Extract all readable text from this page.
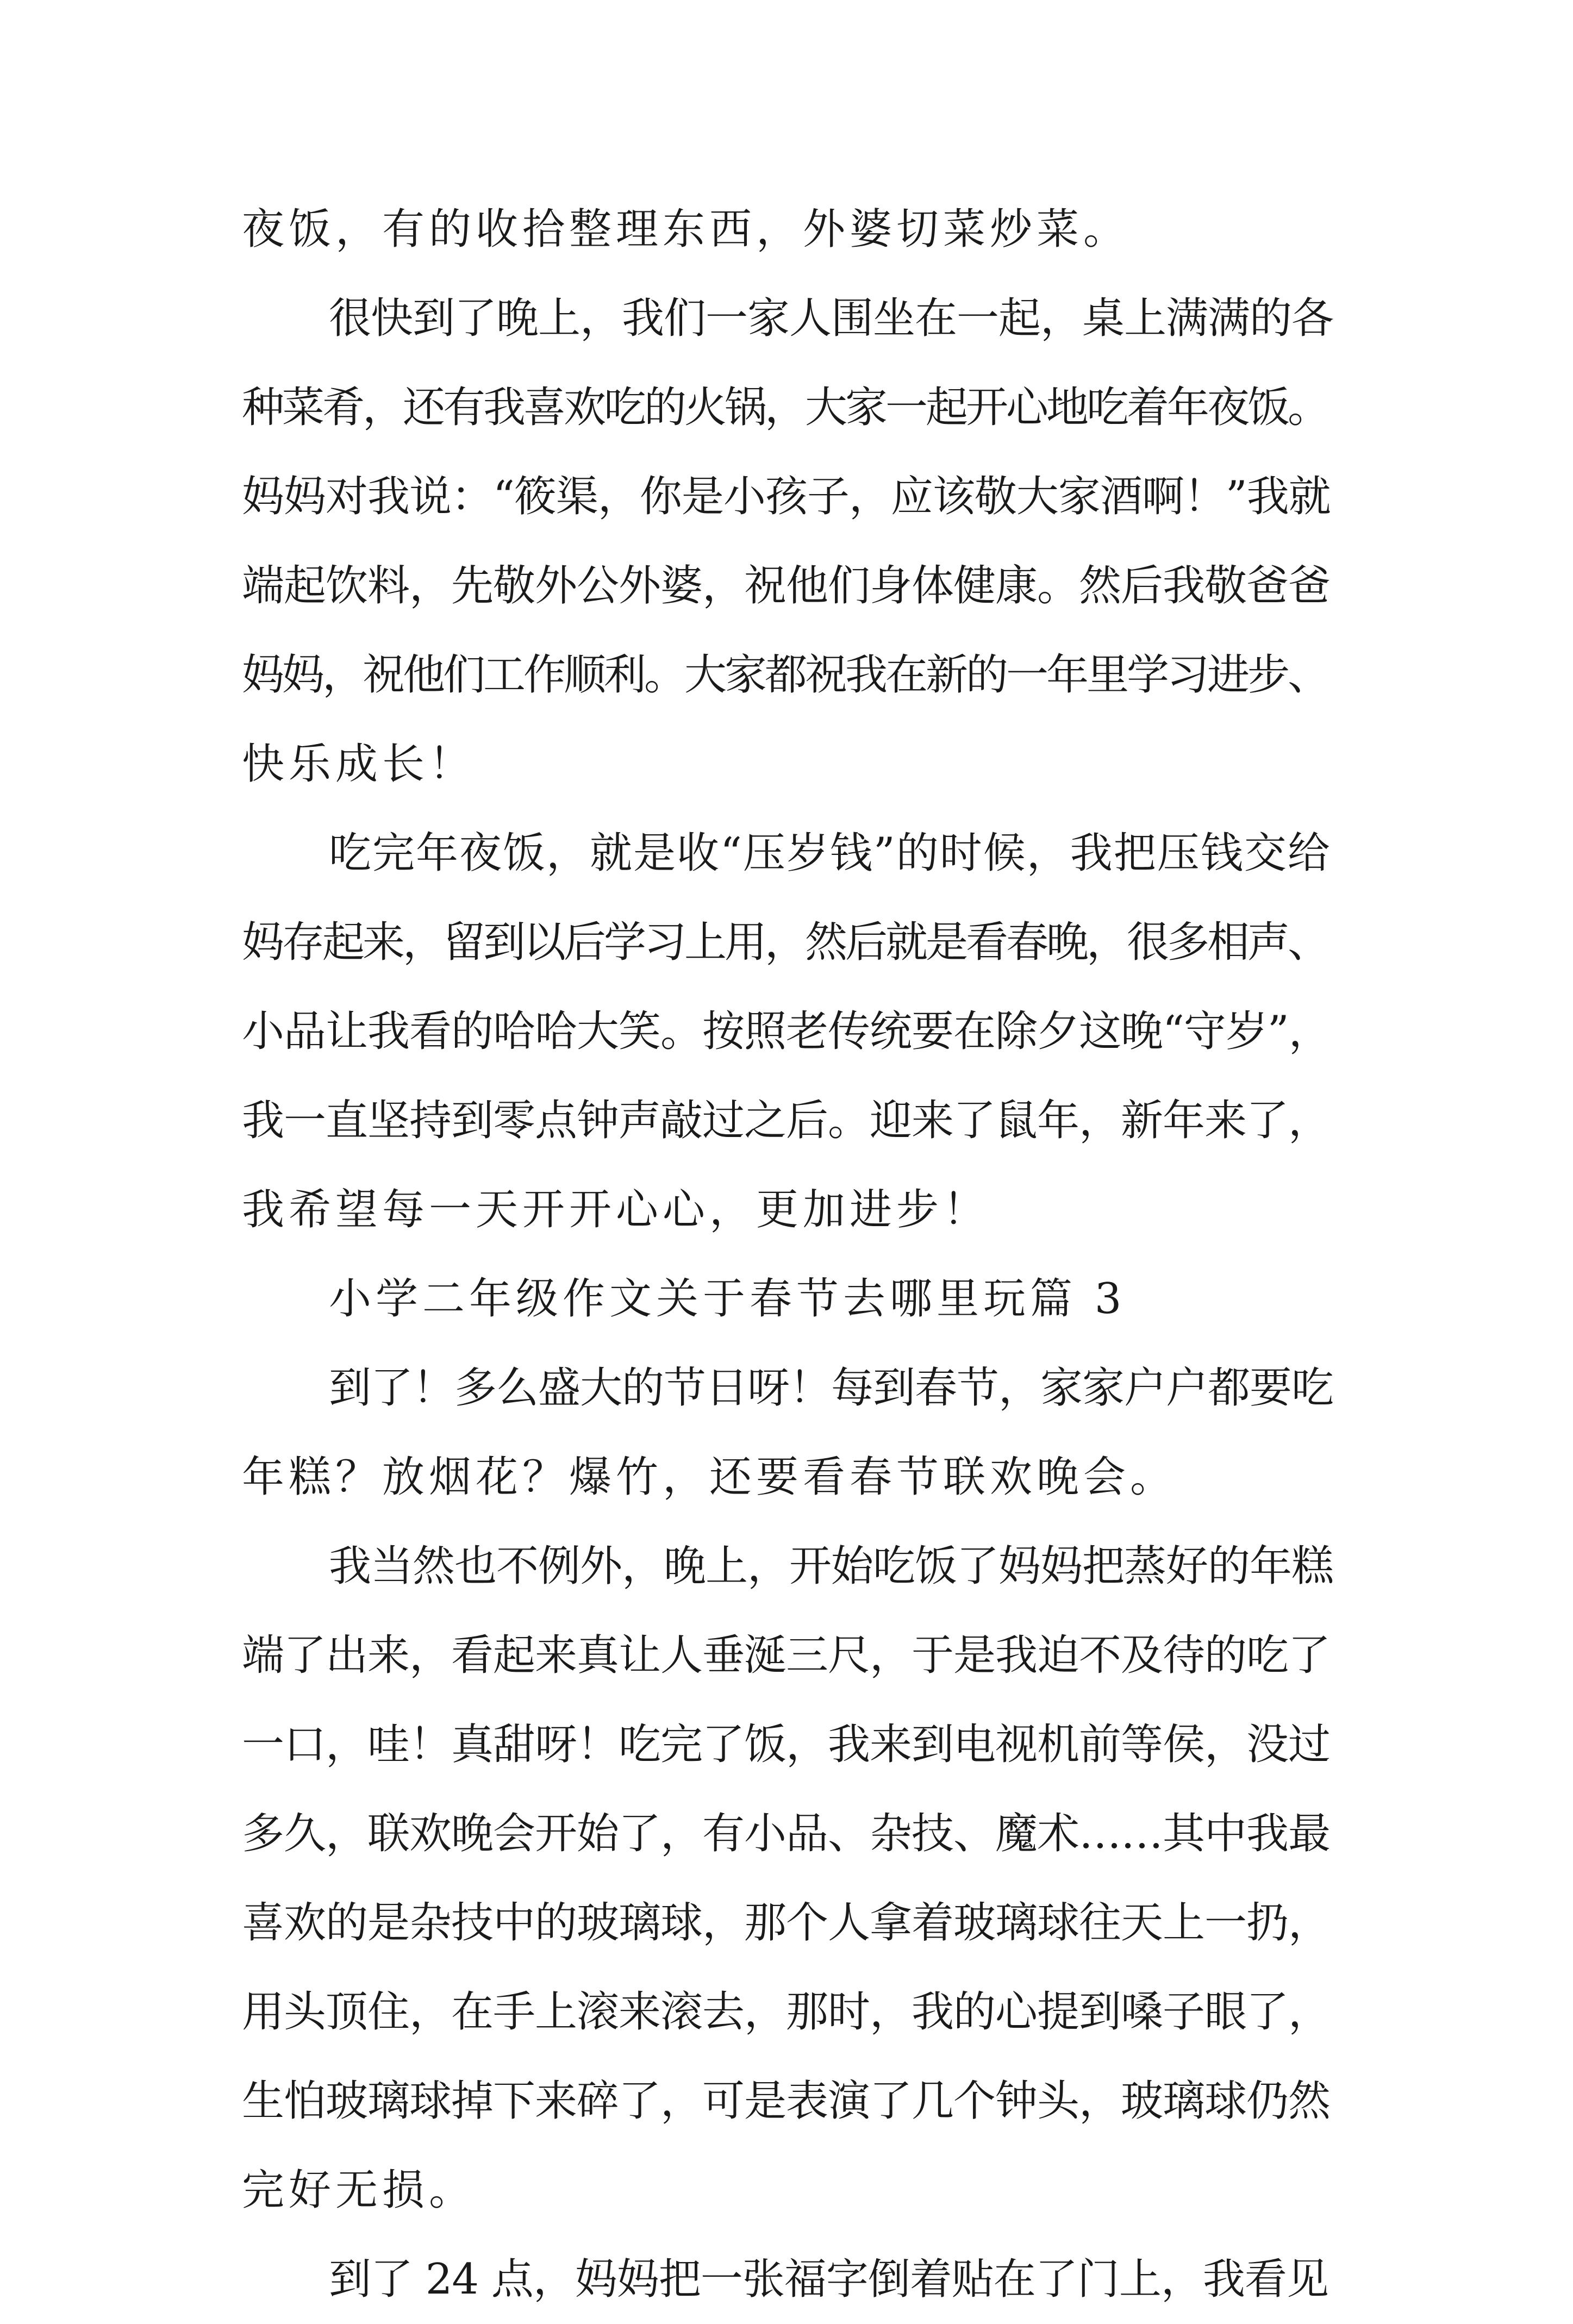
夜饭，有的收拾整理东西，外婆切菜炒菜。
很快到了晚上，我们一家人围坐在一起，桌上满满的各
种菜肴，还有我喜欢吃的火锅，大家一起开心地吃着年夜饭。
妈妈对我说：“筱渠，你是小孩子，应该敬大家酒啊！”我就
端起饮料，先敬外公外婆，祝他们身体健康。然后我敬爸爸
妈妈，祝他们工作顺利。大家都祝我在新的一年里学习进步、
快乐成长！
吃完年夜饭，就是收“压岁钱”的时候，我把压钱交给
妈存起来，留到以后学习上用，然后就是看春晚，很多相声、
小品让我看的哈哈大笑。按照老传统要在除夕这晚“守岁”，
我一直坚持到零点钟声敲过之后。迎来了鼠年，新年来了，
我希望每一天开开心心，更加进步！
小学二年级作文关于春节去哪里玩篇 3
到了！多么盛大的节日呀！每到春节，家家户户都要吃
年糕？放烟花？爆竹，还要看春节联欢晚会。
我当然也不例外，晚上，开始吃饭了妈妈把蒸好的年糕
端了出来，看起来真让人垂涎三尺，于是我迫不及待的吃了
一口，哇！真甜呀！吃完了饭，我来到电视机前等侯，没过
多久，联欢晚会开始了，有小品、杂技、魔术……其中我最
喜欢的是杂技中的玻璃球，那个人拿着玻璃球往天上一扔，
用头顶住，在手上滚来滚去，那时，我的心提到嗓子眼了，
生怕玻璃球掉下来碎了，可是表演了几个钟头，玻璃球仍然
完好无损。
到了 24 点，妈妈把一张福字倒着贴在了门上，我看见
